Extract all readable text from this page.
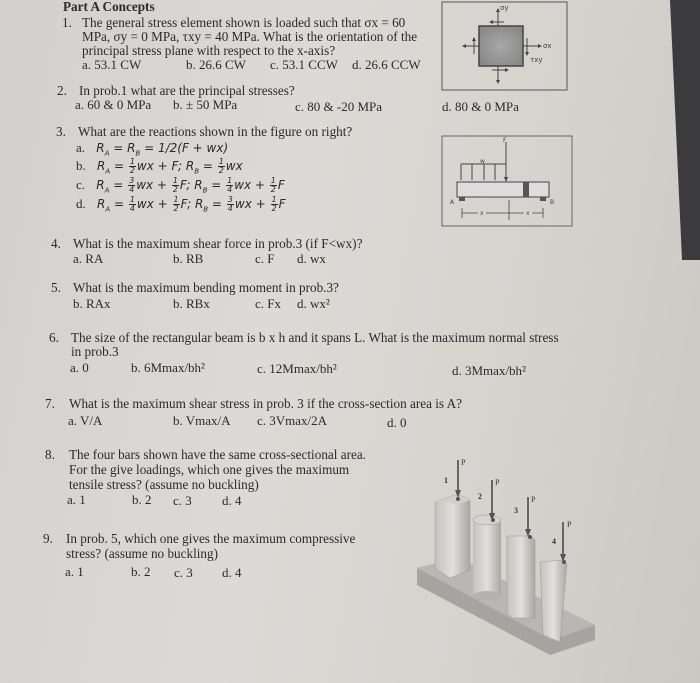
Part A Concepts
1. The general stress element shown is loaded such that σx = 60
MPa, σy = 0 MPa, τxy = 40 MPa. What is the orientation of the
principal stress plane with respect to the x-axis?
a. 53.1 CW	b. 26.6 CW c. 53.1 CCW d. 26.6 CCW
σy
σx
τxy
2. In prob.1 what are the principal stresses?
a. 60 & 0 MPa b. ± 50 MPa	c. 80 & -20 MPa	d. 80 & 0 MPa
3. What are the reactions shown in the figure on right?
a. $R_A = R_B = 1/2(F + wx)$
b. $R_A = \frac{1}{2}$ wx + F; $R_B = \frac{1}{2}$ wx
c. $R_A = \frac{3}{4}$ wx + $\frac{1}{2} F$; $R_B = \frac{1}{4}$ wx + $\frac{1}{2}$ F
d. $R_A = \frac{1}{4}$ wx + $\frac{1}{2} F$; $R_B = \frac{3}{4}$ wx + $\frac{1}{2}$ F
F
w
A	B
x	x
4. What is the maximum shear force in prob.3 (if F<wx)?
a. RA	b. RB	c. F d. wx
5. What is the maximum bending moment in prob.3?
b. RAx	b. RBx	c. Fx d. wx²
6. The size of the rectangular beam is b x h and it spans L. What is the maximum normal stress
in prob.3
a. 0	b. 6Mmax/bh²	c. 12Mmax/bh²	d. 3Mmax/bh²
7. What is the maximum shear stress in prob. 3 if the cross-section area is A?
a. V/A	b. Vmax/A c. 3Vmax/2A	d. 0
8. The four bars shown have the same cross-sectional area.
For the give loadings, which one gives the maximum
tensile stress? (assume no buckling)
a. 1	b. 2 c. 3 d. 4
9. In prob. 5, which one gives the maximum compressive
stress? (assume no buckling)
a. 1	b. 2 c. 3 d. 4
P
P
P
P
1
2
3
4
